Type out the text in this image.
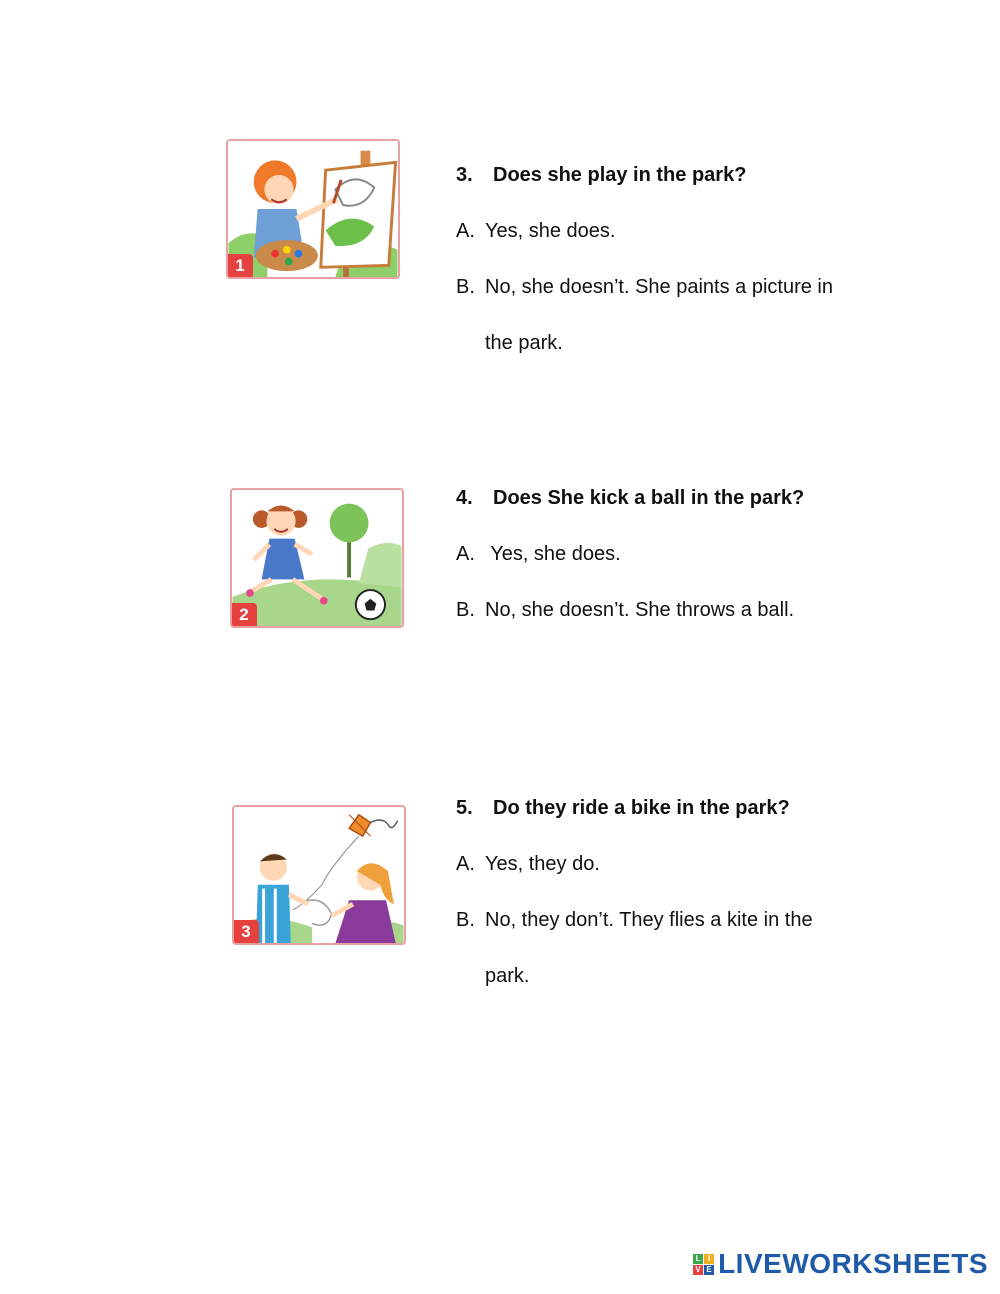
1
3.	Does she play in the park?
A. Yes, she does.
B. No, she doesn’t. She paints a picture in
the park.
2
4.	Does She kick a ball in the park?
A. Yes, she does.
B. No, she doesn’t. She throws a ball.
3
5.	Do they ride a bike in the park?
A. Yes, they do.
B. No, they don’t. They flies a kite in the
park.
L I
V E LIVEWORKSHEETS
